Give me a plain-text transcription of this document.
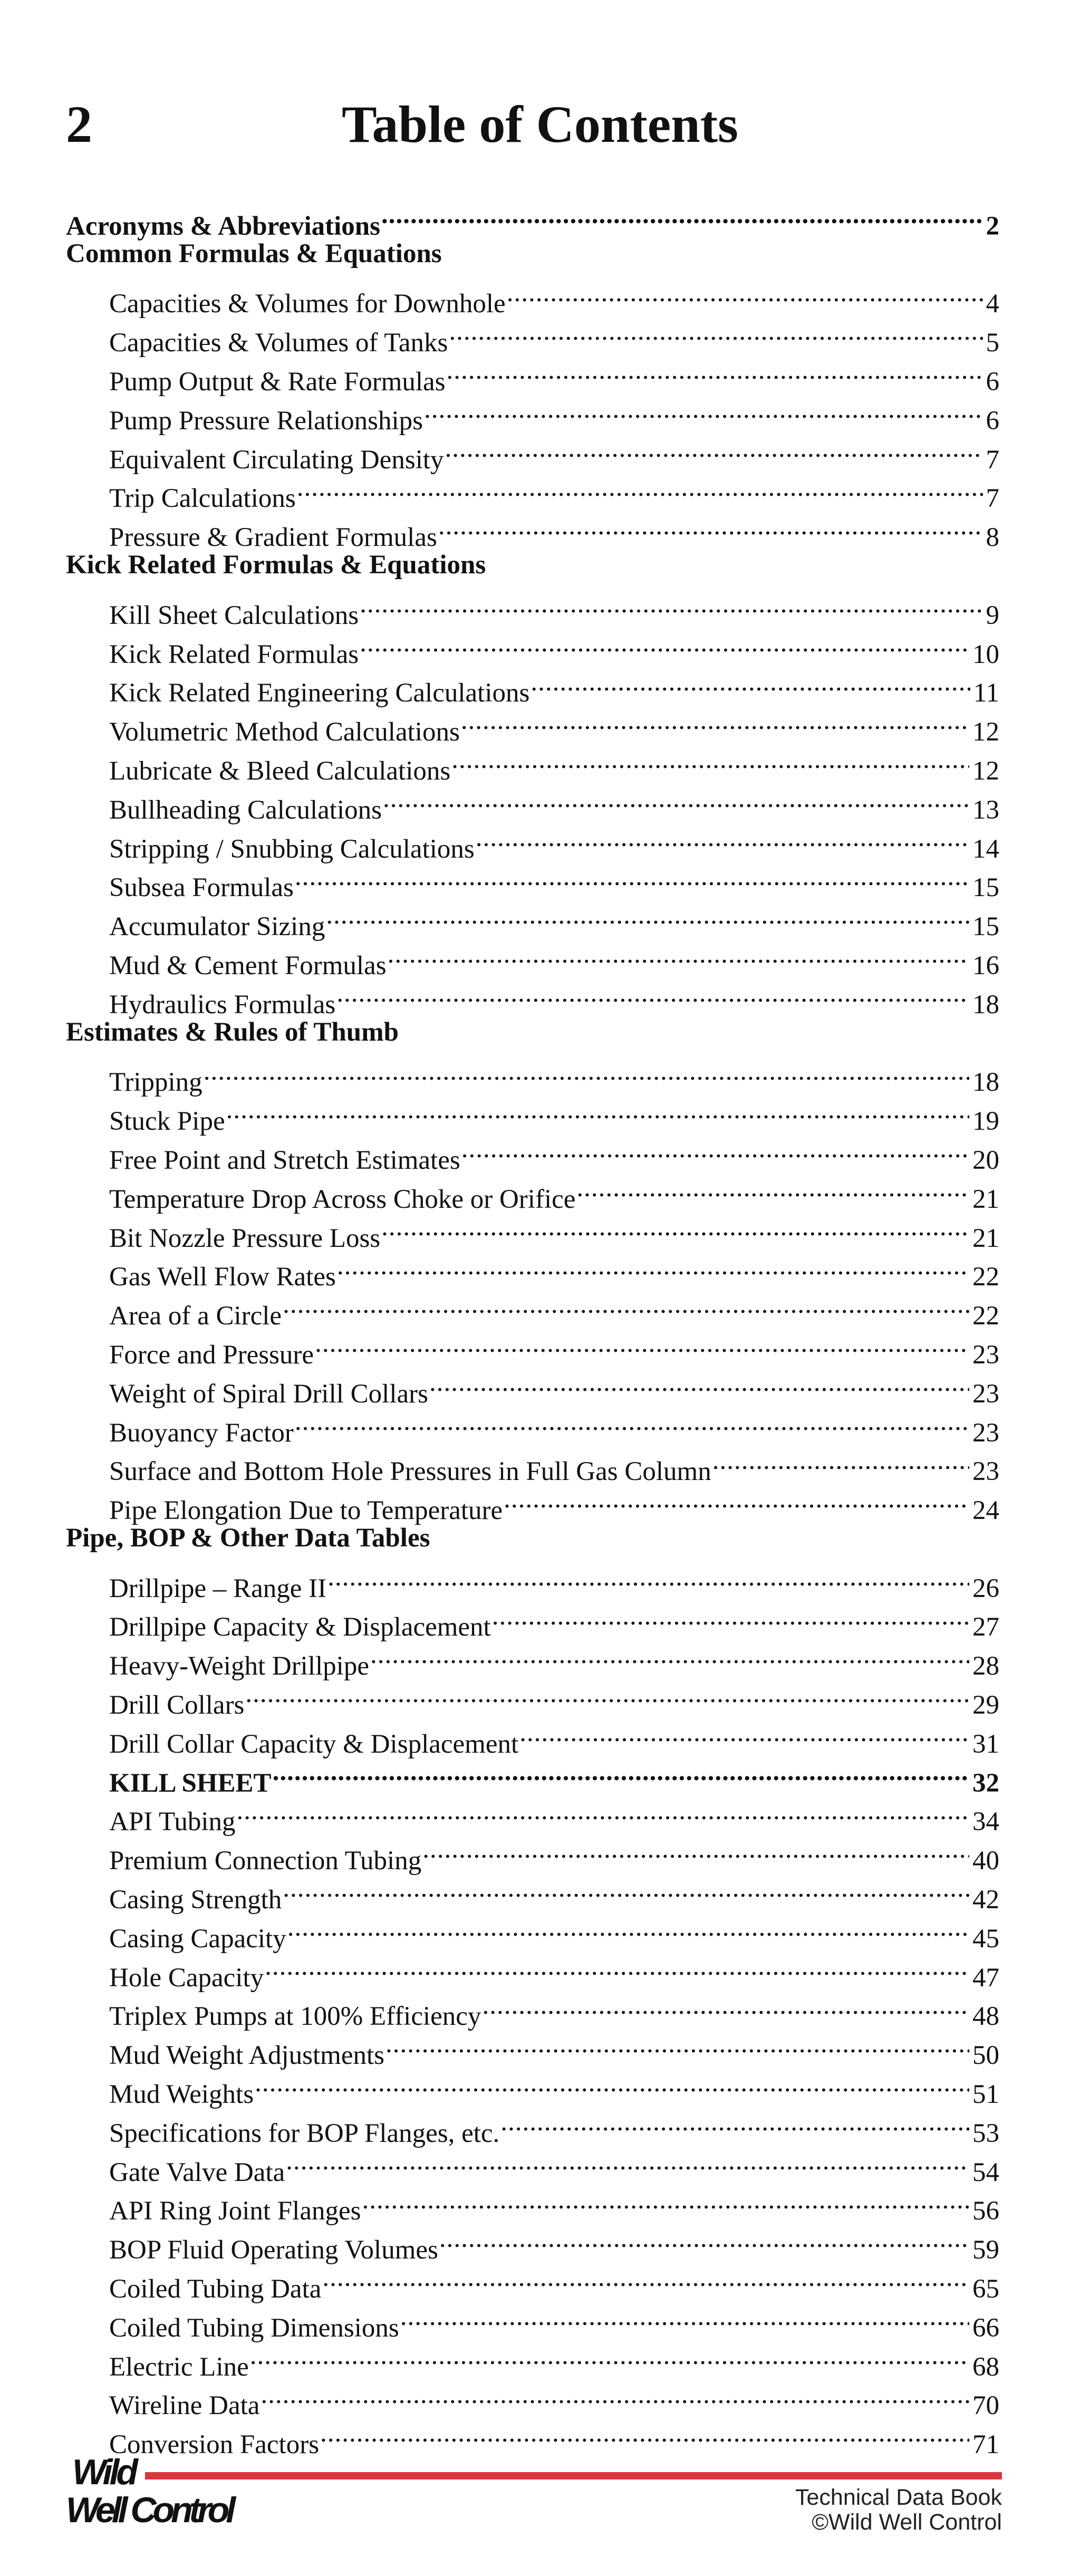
2	Table of Contents
Acronyms & Abbreviations .....	2
Common Formulas & Equations
Capacities & Volumes for Downhole .....	4
Capacities & Volumes of Tanks .....	5
Pump Output & Rate Formulas .....	6
Pump Pressure Relationships .....	6
Equivalent Circulating Density .....	7
Trip Calculations .....	7
Pressure & Gradient Formulas .....	8
Kick Related Formulas & Equations
Kill Sheet Calculations .....	9
Kick Related Formulas .....	10
Kick Related Engineering Calculations .....	11
Volumetric Method Calculations .....	12
Lubricate & Bleed Calculations .....	12
Bullheading Calculations .....	13
Stripping / Snubbing Calculations .....	14
Subsea Formulas .....	15
Accumulator Sizing .....	15
Mud & Cement Formulas .....	16
Hydraulics Formulas .....	18
Estimates & Rules of Thumb
Tripping .....	18
Stuck Pipe .....	19
Free Point and Stretch Estimates .....	20
Temperature Drop Across Choke or Orifice .....	21
Bit Nozzle Pressure Loss .....	21
Gas Well Flow Rates .....	22
Area of a Circle .....	22
Force and Pressure .....	23
Weight of Spiral Drill Collars .....	23
Buoyancy Factor .....	23
Surface and Bottom Hole Pressures in Full Gas Column .....	23
Pipe Elongation Due to Temperature .....	24
Pipe, BOP & Other Data Tables
Drillpipe – Range II .....	26
Drillpipe Capacity & Displacement .....	27
Heavy-Weight Drillpipe .....	28
Drill Collars .....	29
Drill Collar Capacity & Displacement .....	31
KILL SHEET .....	32
API Tubing .....	34
Premium Connection Tubing .....	40
Casing Strength .....	42
Casing Capacity .....	45
Hole Capacity .....	47
Triplex Pumps at 100% Efficiency .....	48
Mud Weight Adjustments .....	50
Mud Weights .....	51
Specifications for BOP Flanges, etc. .....	53
Gate Valve Data .....	54
API Ring Joint Flanges .....	56
BOP Fluid Operating Volumes .....	59
Coiled Tubing Data .....	65
Coiled Tubing Dimensions .....	66
Electric Line .....	68
Wireline Data .....	70
Conversion Factors .....	71
Wild
Well Control	Technical Data Book
©Wild Well Control
